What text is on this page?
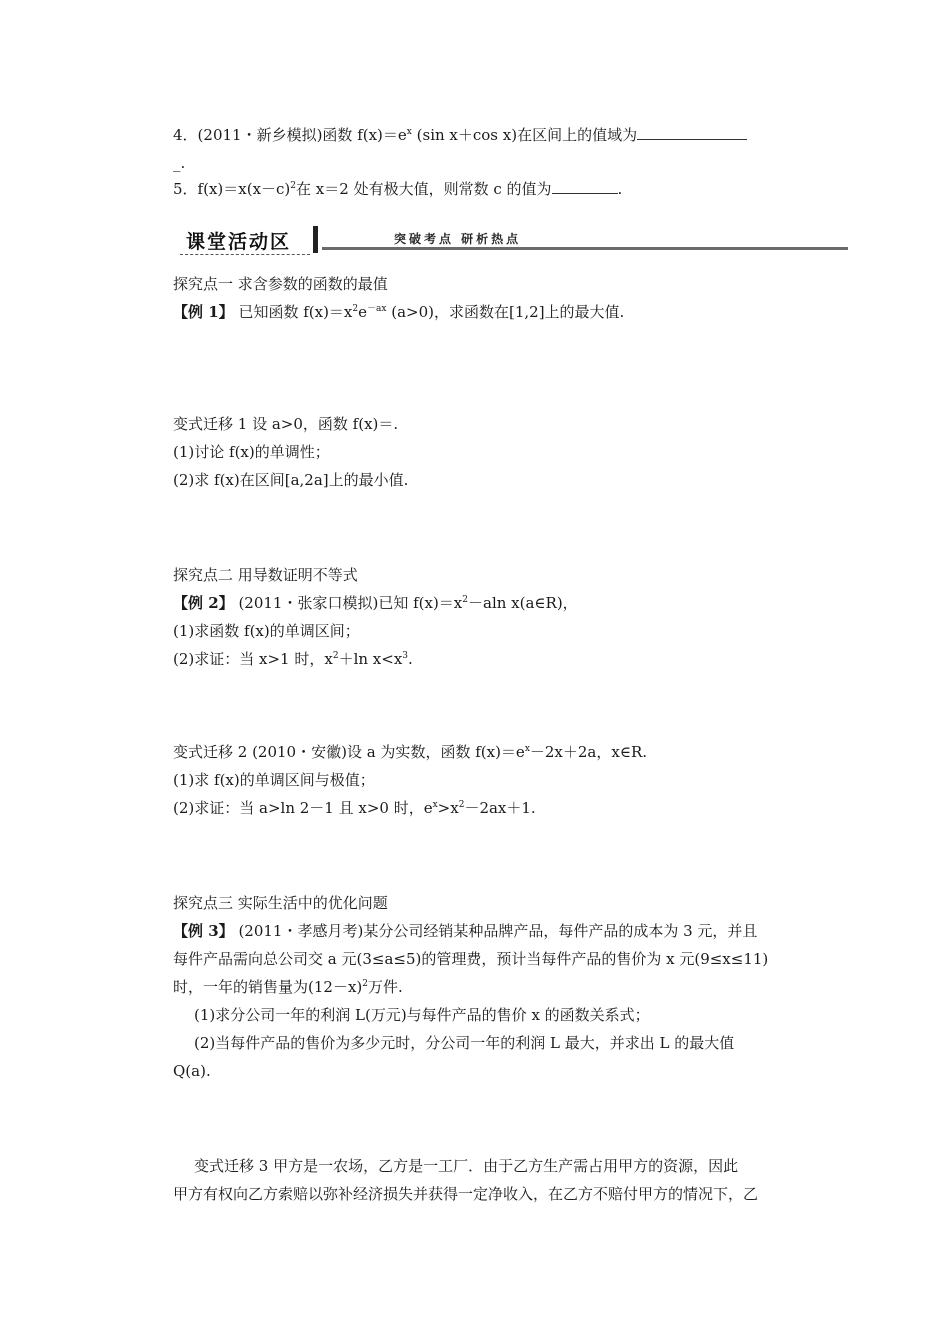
4．(2011・新乡模拟)函数 $f(x)=e^x$ (sin x＋cos x)在区间上的值域为
_.
5．$f(x)=x(x-c)^2$在 x＝2 处有极大值，则常数 c 的值为	.
课堂活动区	突破考点 研析热点
探究点一 求含参数的函数的最值
【例 1】 已知函数 $f(x)=x^2e^{-ax}$ (a>0)，求函数在[1,2]上的最大值.
变式迁移 1 设 a>0，函数 f(x)＝.
(1)讨论 f(x)的单调性；
(2)求 f(x)在区间[a,2a]上的最小值.
探究点二 用导数证明不等式
【例 2】 (2011・张家口模拟)已知 $f(x)=x^2-aln$ x(a∈R)，
(1)求函数 f(x)的单调区间；
(2)求证：当 x>1 时，$x^2+\ln$ $x<x^3$.
变式迁移 2 (2010・安徽)设 a 为实数，函数 $f(x)=e^x-2x+2a$，x∈R.
(1)求 f(x)的单调区间与极值；
(2)求证：当 a>ln 2－1 且 x>0 时，$e^x>x^2-2ax+1$.
探究点三 实际生活中的优化问题
【例 3】 (2011・孝感月考)某分公司经销某种品牌产品，每件产品的成本为 3 元，并且
每件产品需向总公司交 a 元(3≤a≤5)的管理费，预计当每件产品的售价为 x 元(9≤x≤11)
时，一年的销售量为$(12-x)^2$万件.
(1)求分公司一年的利润 L(万元)与每件产品的售价 x 的函数关系式；
(2)当每件产品的售价为多少元时，分公司一年的利润 L 最大，并求出 L 的最大值
Q(a).
变式迁移 3 甲方是一农场，乙方是一工厂．由于乙方生产需占用甲方的资源，因此
甲方有权向乙方索赔以弥补经济损失并获得一定净收入，在乙方不赔付甲方的情况下，乙
